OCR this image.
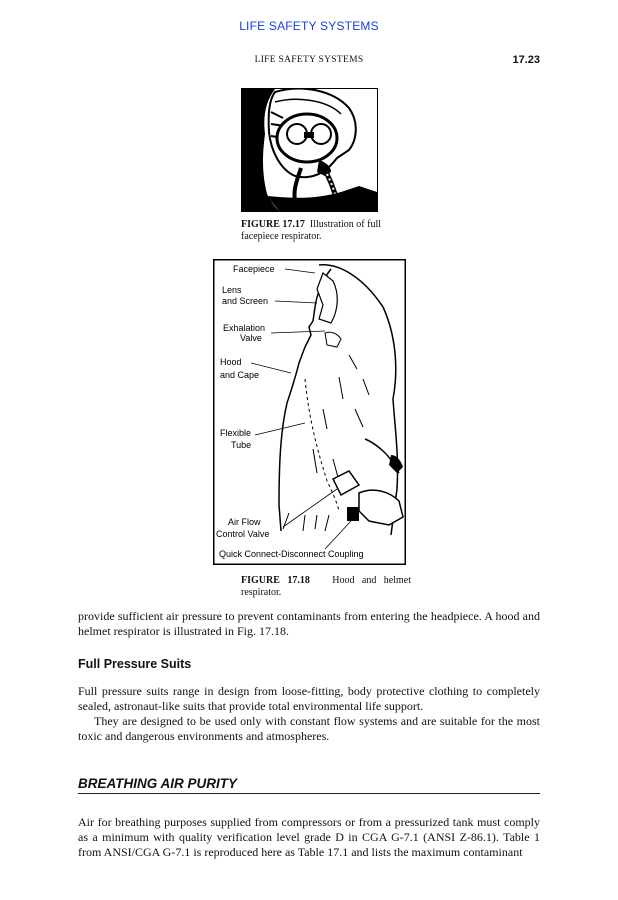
LIFE SAFETY SYSTEMS
LIFE SAFETY SYSTEMS	17.23
FIGURE 17.17 Illustration of full facepiece respirator.
Facepiece
Lens
and Screen
Exhalation
Valve
Hood
and Cape
Flexible
Tube
Air Flow
Control Valve
Quick Connect-Disconnect Coupling
FIGURE 17.18 Hood and helmet respirator.
provide sufficient air pressure to prevent contaminants from entering the headpiece. A hood and helmet respirator is illustrated in Fig. 17.18.
Full Pressure Suits
Full pressure suits range in design from loose-fitting, body protective clothing to completely sealed, astronaut-like suits that provide total environmental life support.
They are designed to be used only with constant flow systems and are suitable for the most toxic and dangerous environments and atmospheres.
BREATHING AIR PURITY
Air for breathing purposes supplied from compressors or from a pressurized tank must comply as a minimum with quality verification level grade D in CGA G-7.1 (ANSI Z-86.1). Table 1 from ANSI/CGA G-7.1 is reproduced here as Table 17.1 and lists the maximum contaminant
